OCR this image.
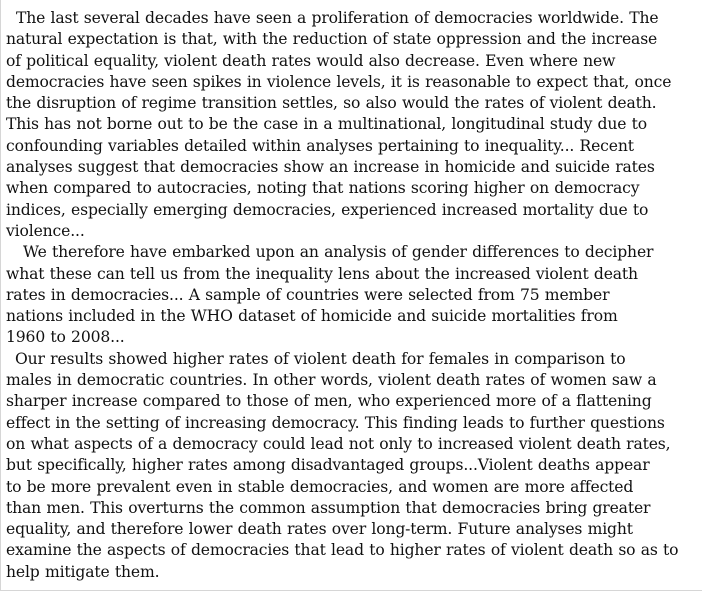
The last several decades have seen a proliferation of democracies worldwide. The
natural expectation is that, with the reduction of state oppression and the increase
of political equality, violent death rates would also decrease. Even where new
democracies have seen spikes in violence levels, it is reasonable to expect that, once
the disruption of regime transition settles, so also would the rates of violent death.
This has not borne out to be the case in a multinational, longitudinal study due to
confounding variables detailed within analyses pertaining to inequality... Recent
analyses suggest that democracies show an increase in homicide and suicide rates
when compared to autocracies, noting that nations scoring higher on democracy
indices, especially emerging democracies, experienced increased mortality due to
violence...

We therefore have embarked upon an analysis of gender differences to decipher
what these can tell us from the inequality lens about the increased violent death
rates in democracies... A sample of countries were selected from 75 member
nations included in the WHO dataset of homicide and suicide mortalities from
1960 to 2008...

Our results showed higher rates of violent death for females in comparison to
males in democratic countries. In other words, violent death rates of women saw a
sharper increase compared to those of men, who experienced more of a flattening
effect in the setting of increasing democracy. This finding leads to further questions
on what aspects of a democracy could lead not only to increased violent death rates,
but specifically, higher rates among disadvantaged groups...Violent deaths appear
to be more prevalent even in stable democracies, and women are more affected
than men. This overturns the common assumption that democracies bring greater
equality, and therefore lower death rates over long-term. Future analyses might
examine the aspects of democracies that lead to higher rates of violent death so as to
help mitigate them.
